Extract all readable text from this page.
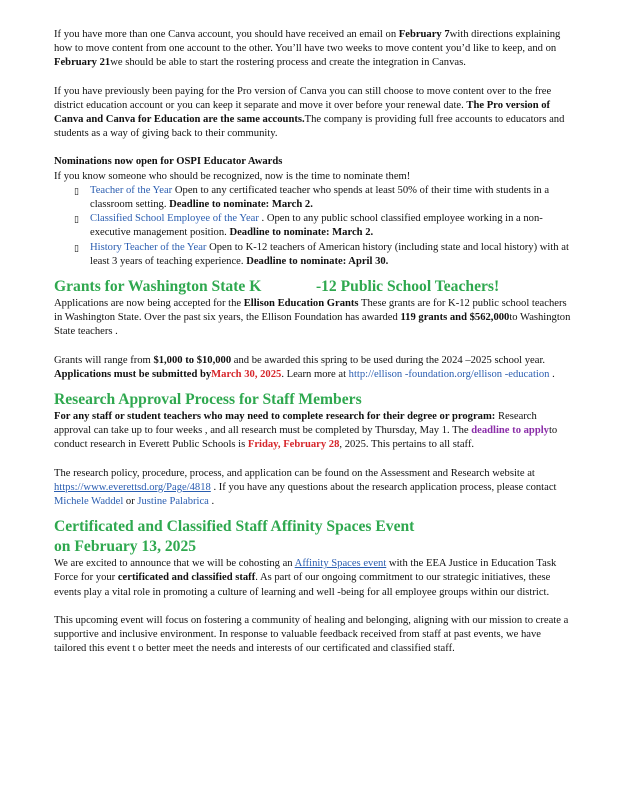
If you have more than one Canva account, you should have received an email on February 7with directions explaining how to move content from one account to the other. You’ll have two weeks to move content you’d like to keep, and on February 21we should be able to start the rostering process and create the integration in Canvas.

If you have previously been paying for the Pro version of Canva you can still choose to move content over to the free district education account or you can keep it separate and move it over before your renewal date. The Pro version of Canva and Canva for Education are the same accounts.The company is providing full free accounts to educators and students as a way of giving back to their community.

Nominations now open for OSPI Educator Awards

If you know someone who should be recognized, now is the time to nominate them!

▯ Teacher of the Year Open to any certificated teacher who spends at least 50% of their time with students in a classroom setting. Deadline to nominate: March 2.
▯ Classified School Employee of the Year . Open to any public school classified employee working in a non-executive management position. Deadline to nominate: March 2.
▯ History Teacher of the Year Open to K-12 teachers of American history (including state and local history) with at least 3 years of teaching experience. Deadline to nominate: April 30.
Grants for Washington State K              -12 Public School Teachers!

Applications are now being accepted for the Ellison Education Grants These grants are for K-12 public school teachers in Washington State. Over the past six years, the Ellison Foundation has awarded 119 grants and $562,000to Washington State teachers .

Grants will range from $1,000 to $10,000 and be awarded this spring to be used during the 2024 –2025 school year. Applications must be submitted byMarch 30, 2025. Learn more at http://ellison -foundation.org/ellison -education .

Research Approval Process for Staff Members

For any staff or student teachers who may need to complete research for their degree or program: Research approval can take up to four weeks , and all research must be completed by Thursday, May 1. The deadline to applyto conduct research in Everett Public Schools is Friday, February 28, 2025. This pertains to all staff.

The research policy, procedure, process, and application can be found on the Assessment and Research website at https://www.everettsd.org/Page/4818 . If you have any questions about the research application process, please contact Michele Waddel or Justine Palabrica .

Certificated and Classified Staff Affinity Spaces Event
on February 13, 2025

We are excited to announce that we will be cohosting an Affinity Spaces event with the EEA Justice in Education Task Force for your certificated and classified staff. As part of our ongoing commitment to our strategic initiatives, these events play a vital role in promoting a culture of learning and well -being for all employee groups within our district.

This upcoming event will focus on fostering a community of healing and belonging, aligning with our mission to create a supportive and inclusive environment. In response to valuable feedback received from staff at past events, we have tailored this event t o better meet the needs and interests of our certificated and classified staff.
